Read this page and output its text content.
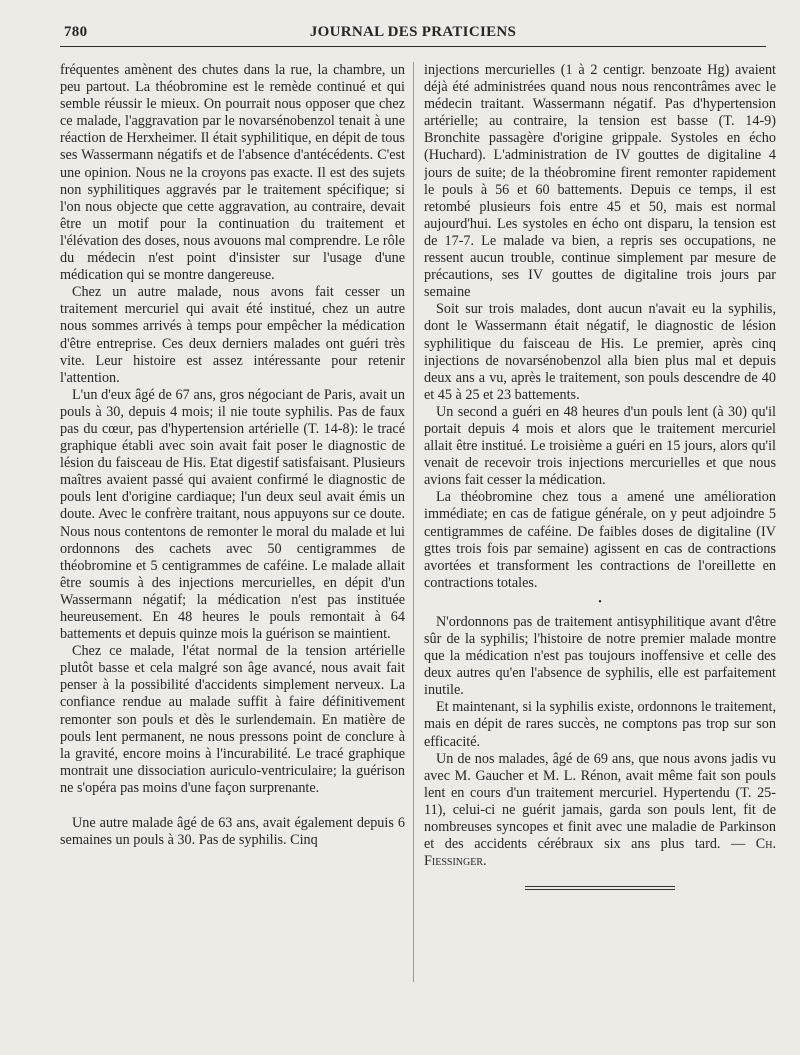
780	JOURNAL DES PRATICIENS

fréquentes amènent des chutes dans la rue, la chambre, un peu partout. La théobromine est le remède continué et qui semble réussir le mieux. On pourrait nous opposer que chez ce malade, l'aggravation par le novarsénobenzol tenait à une réaction de Herxheimer. Il était syphilitique, en dépit de tous ses Wassermann négatifs et de l'absence d'antécédents. C'est une opinion. Nous ne la croyons pas exacte. Il est des sujets non syphilitiques aggravés par le traitement spécifique; si l'on nous objecte que cette aggravation, au contraire, devait être un motif pour la continuation du traitement et l'élévation des doses, nous avouons mal comprendre. Le rôle du médecin n'est point d'insister sur l'usage d'une médication qui se montre dangereuse.

Chez un autre malade, nous avons fait cesser un traitement mercuriel qui avait été institué, chez un autre nous sommes arrivés à temps pour empêcher la médication d'être entreprise. Ces deux derniers malades ont guéri très vite. Leur histoire est assez intéressante pour retenir l'attention.

L'un d'eux âgé de 67 ans, gros négociant de Paris, avait un pouls à 30, depuis 4 mois; il nie toute syphilis. Pas de faux pas du cœur, pas d'hypertension artérielle (T. 14-8): le tracé graphique établi avec soin avait fait poser le diagnostic de lésion du faisceau de His. Etat digestif satisfaisant. Plusieurs maîtres avaient passé qui avaient confirmé le diagnostic de pouls lent d'origine cardiaque; l'un deux seul avait émis un doute. Avec le confrère traitant, nous appuyons sur ce doute. Nous nous contentons de remonter le moral du malade et lui ordonnons des cachets avec 50 centigrammes de théobromine et 5 centigrammes de caféine. Le malade allait être soumis à des injections mercurielles, en dépit d'un Wassermann négatif; la médication n'est pas instituée heureusement. En 48 heures le pouls remontait à 64 battements et depuis quinze mois la guérison se maintient.

Chez ce malade, l'état normal de la tension artérielle plutôt basse et cela malgré son âge avancé, nous avait fait penser à la possibilité d'accidents simplement nerveux. La confiance rendue au malade suffit à faire définitivement remonter son pouls et dès le surlendemain. En matière de pouls lent permanent, ne nous pressons point de conclure à la gravité, encore moins à l'incurabilité. Le tracé graphique montrait une dissociation auriculo-ventriculaire; la guérison ne s'opéra pas moins d'une façon surprenante.

Une autre malade âgé de 63 ans, avait également depuis 6 semaines un pouls à 30. Pas de syphilis. Cinq

injections mercurielles (1 à 2 centigr. benzoate Hg) avaient déjà été administrées quand nous nous rencontrâmes avec le médecin traitant. Wassermann négatif. Pas d'hypertension artérielle; au contraire, la tension est basse (T. 14-9) Bronchite passagère d'origine grippale. Systoles en écho (Huchard). L'administration de IV gouttes de digitaline 4 jours de suite; de la théobromine firent remonter rapidement le pouls à 56 et 60 battements. Depuis ce temps, il est retombé plusieurs fois entre 45 et 50, mais est normal aujourd'hui. Les systoles en écho ont disparu, la tension est de 17-7. Le malade va bien, a repris ses occupations, ne ressent aucun trouble, continue simplement par mesure de précautions, ses IV gouttes de digitaline trois jours par semaine

Soit sur trois malades, dont aucun n'avait eu la syphilis, dont le Wassermann était négatif, le diagnostic de lésion syphilitique du faisceau de His. Le premier, après cinq injections de novarsénobenzol alla bien plus mal et depuis deux ans a vu, après le traitement, son pouls descendre de 40 et 45 à 25 et 23 battements.

Un second a guéri en 48 heures d'un pouls lent (à 30) qu'il portait depuis 4 mois et alors que le traitement mercuriel allait être institué. Le troisième a guéri en 15 jours, alors qu'il venait de recevoir trois injections mercurielles et que nous avions fait cesser la médication.

La théobromine chez tous a amené une amélioration immédiate; en cas de fatigue générale, on y peut adjoindre 5 centigrammes de caféine. De faibles doses de digitaline (IV gttes trois fois par semaine) agissent en cas de contractions avortées et transforment les contractions de l'oreillette en contractions totales.

•

N'ordonnons pas de traitement antisyphilitique avant d'être sûr de la syphilis; l'histoire de notre premier malade montre que la médication n'est pas toujours inoffensive et celle des deux autres qu'en l'absence de syphilis, elle est parfaitement inutile.

Et maintenant, si la syphilis existe, ordonnons le traitement, mais en dépit de rares succès, ne comptons pas trop sur son efficacité.

Un de nos malades, âgé de 69 ans, que nous avons jadis vu avec M. Gaucher et M. L. Rénon, avait même fait son pouls lent en cours d'un traitement mercuriel. Hypertendu (T. 25-11), celui-ci ne guérit jamais, garda son pouls lent, fit de nombreuses syncopes et finit avec une maladie de Parkinson et des accidents cérébraux six ans plus tard. — Ch. Fiessinger.
